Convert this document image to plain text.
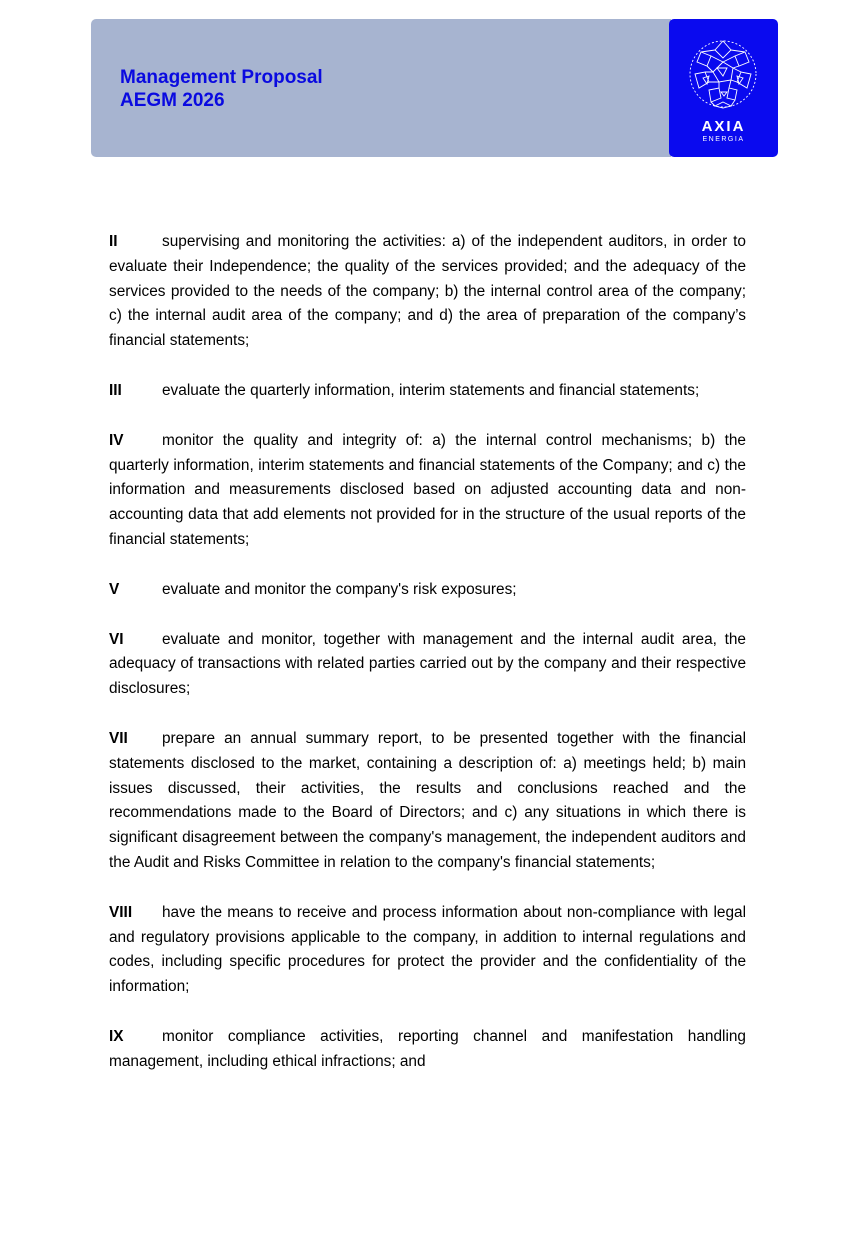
Management Proposal
AEGM 2026
AXIA
ENERGIA

II	supervising and monitoring the activities: a) of the independent auditors, in order to evaluate their Independence; the quality of the services provided; and the adequacy of the services provided to the needs of the company; b) the internal control area of the company; c) the internal audit area of the company; and d) the area of preparation of the company’s financial statements;

III	evaluate the quarterly information, interim statements and financial statements;

IV monitor the quality and integrity of: a) the internal control mechanisms; b) the quarterly information, interim statements and financial statements of the Company; and c) the information and measurements disclosed based on adjusted accounting data and non-accounting data that add elements not provided for in the structure of the usual reports of the financial statements;

V	evaluate and monitor the company's risk exposures;

VI evaluate and monitor, together with management and the internal audit area, the adequacy of transactions with related parties carried out by the company and their respective disclosures;

VII prepare an annual summary report, to be presented together with the financial statements disclosed to the market, containing a description of: a) meetings held; b) main issues discussed, their activities, the results and conclusions reached and the recommendations made to the Board of Directors; and c) any situations in which there is significant disagreement between the company's management, the independent auditors and the Audit and Risks Committee in relation to the company's financial statements;

VIII have the means to receive and process information about non-compliance with legal and regulatory provisions applicable to the company, in addition to internal regulations and codes, including specific procedures for protect the provider and the confidentiality of the information;

IX monitor compliance activities, reporting channel and manifestation handling management, including ethical infractions; and
